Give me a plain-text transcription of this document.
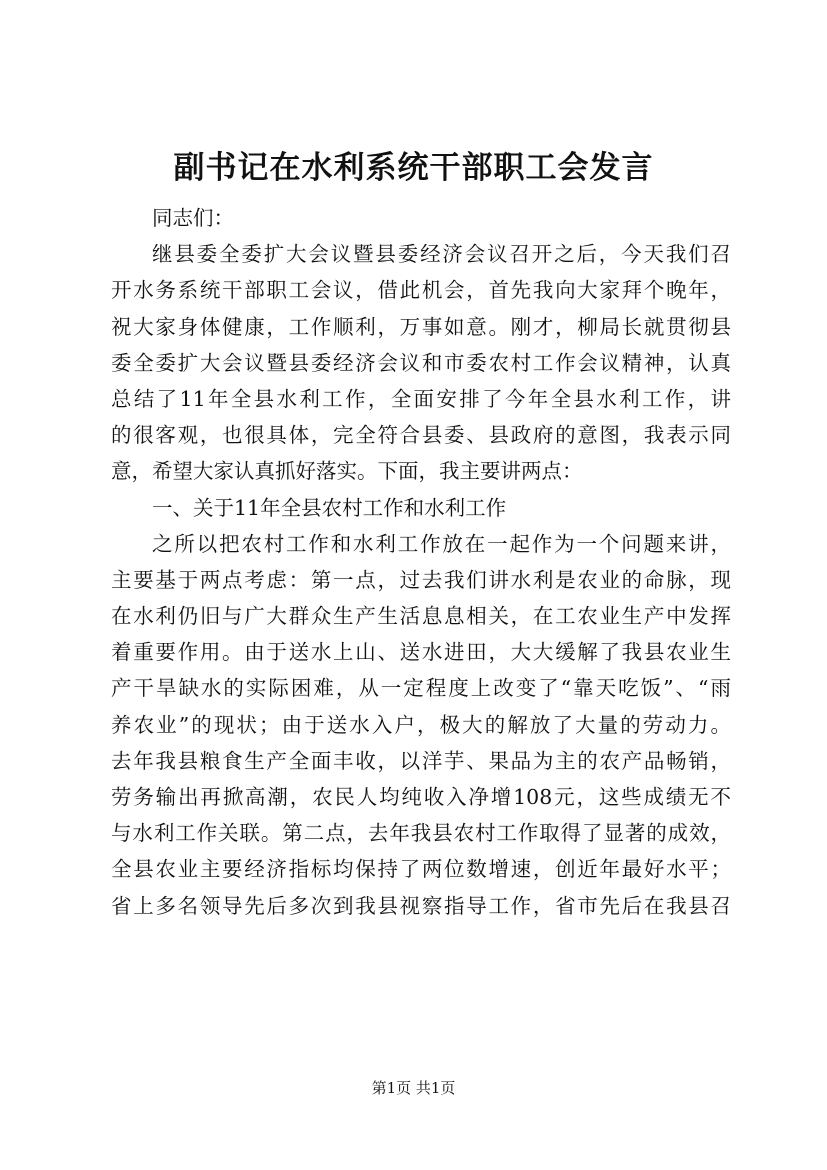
副书记在水利系统干部职工会发言
同志们：
继县委全委扩大会议暨县委经济会议召开之后，今天我们召
开水务系统干部职工会议，借此机会，首先我向大家拜个晚年，
祝大家身体健康，工作顺利，万事如意。刚才，柳局长就贯彻县
委全委扩大会议暨县委经济会议和市委农村工作会议精神，认真
总结了11年全县水利工作，全面安排了今年全县水利工作，讲
的很客观，也很具体，完全符合县委、县政府的意图，我表示同
意，希望大家认真抓好落实。下面，我主要讲两点：
一、关于11年全县农村工作和水利工作
之所以把农村工作和水利工作放在一起作为一个问题来讲，
主要基于两点考虑：第一点，过去我们讲水利是农业的命脉，现
在水利仍旧与广大群众生产生活息息相关，在工农业生产中发挥
着重要作用。由于送水上山、送水进田，大大缓解了我县农业生
产干旱缺水的实际困难，从一定程度上改变了“靠天吃饭”、“雨
养农业”的现状；由于送水入户，极大的解放了大量的劳动力。
去年我县粮食生产全面丰收，以洋芋、果品为主的农产品畅销，
劳务输出再掀高潮，农民人均纯收入净增108元，这些成绩无不
与水利工作关联。第二点，去年我县农村工作取得了显著的成效，
全县农业主要经济指标均保持了两位数增速，创近年最好水平；
省上多名领导先后多次到我县视察指导工作，省市先后在我县召
第1页 共1页
